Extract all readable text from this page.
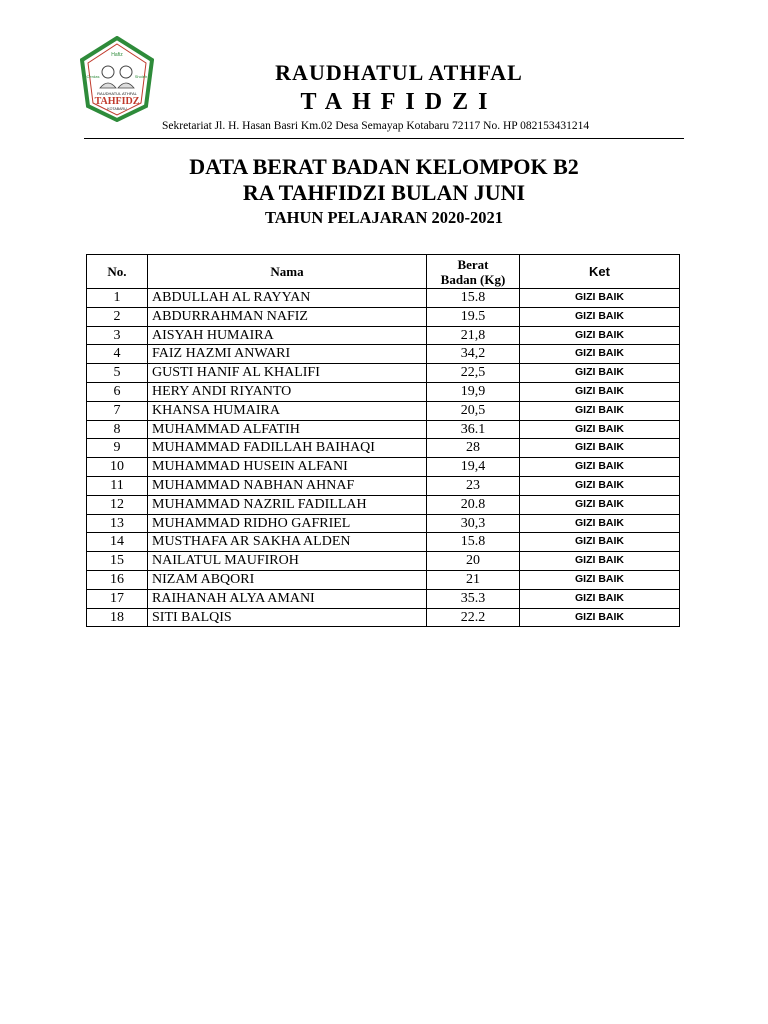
Hafiz
Cerdas	Sholeh
RAUDHATUL ATHFAL
TAHFIDZ
KOTABARU
RAUDHATUL ATHFAL
TAHFIDZI
Sekretariat Jl. H. Hasan Basri Km.02 Desa Semayap Kotabaru 72117 No. HP 082153431214
DATA BERAT BADAN KELOMPOK B2
RA TAHFIDZI BULAN JUNI
TAHUN PELAJARAN 2020-2021
No.	Nama	Berat
Badan (Kg)	Ket
1	ABDULLAH AL RAYYAN	15.8	GIZI BAIK
2	ABDURRAHMAN NAFIZ	19.5	GIZI BAIK
3	AISYAH HUMAIRA	21,8	GIZI BAIK
4	FAIZ HAZMI ANWARI	34,2	GIZI BAIK
5	GUSTI HANIF AL KHALIFI	22,5	GIZI BAIK
6	HERY ANDI RIYANTO	19,9	GIZI BAIK
7	KHANSA HUMAIRA	20,5	GIZI BAIK
8	MUHAMMAD ALFATIH	36.1	GIZI BAIK
9	MUHAMMAD FADILLAH BAIHAQI	28	GIZI BAIK
10	MUHAMMAD HUSEIN ALFANI	19,4	GIZI BAIK
11	MUHAMMAD NABHAN AHNAF	23	GIZI BAIK
12	MUHAMMAD NAZRIL FADILLAH	20.8	GIZI BAIK
13	MUHAMMAD RIDHO GAFRIEL	30,3	GIZI BAIK
14	MUSTHAFA AR SAKHA ALDEN	15.8	GIZI BAIK
15	NAILATUL MAUFIROH	20	GIZI BAIK
16	NIZAM ABQORI	21	GIZI BAIK
17	RAIHANAH ALYA AMANI	35.3	GIZI BAIK
18	SITI BALQIS	22.2	GIZI BAIK
